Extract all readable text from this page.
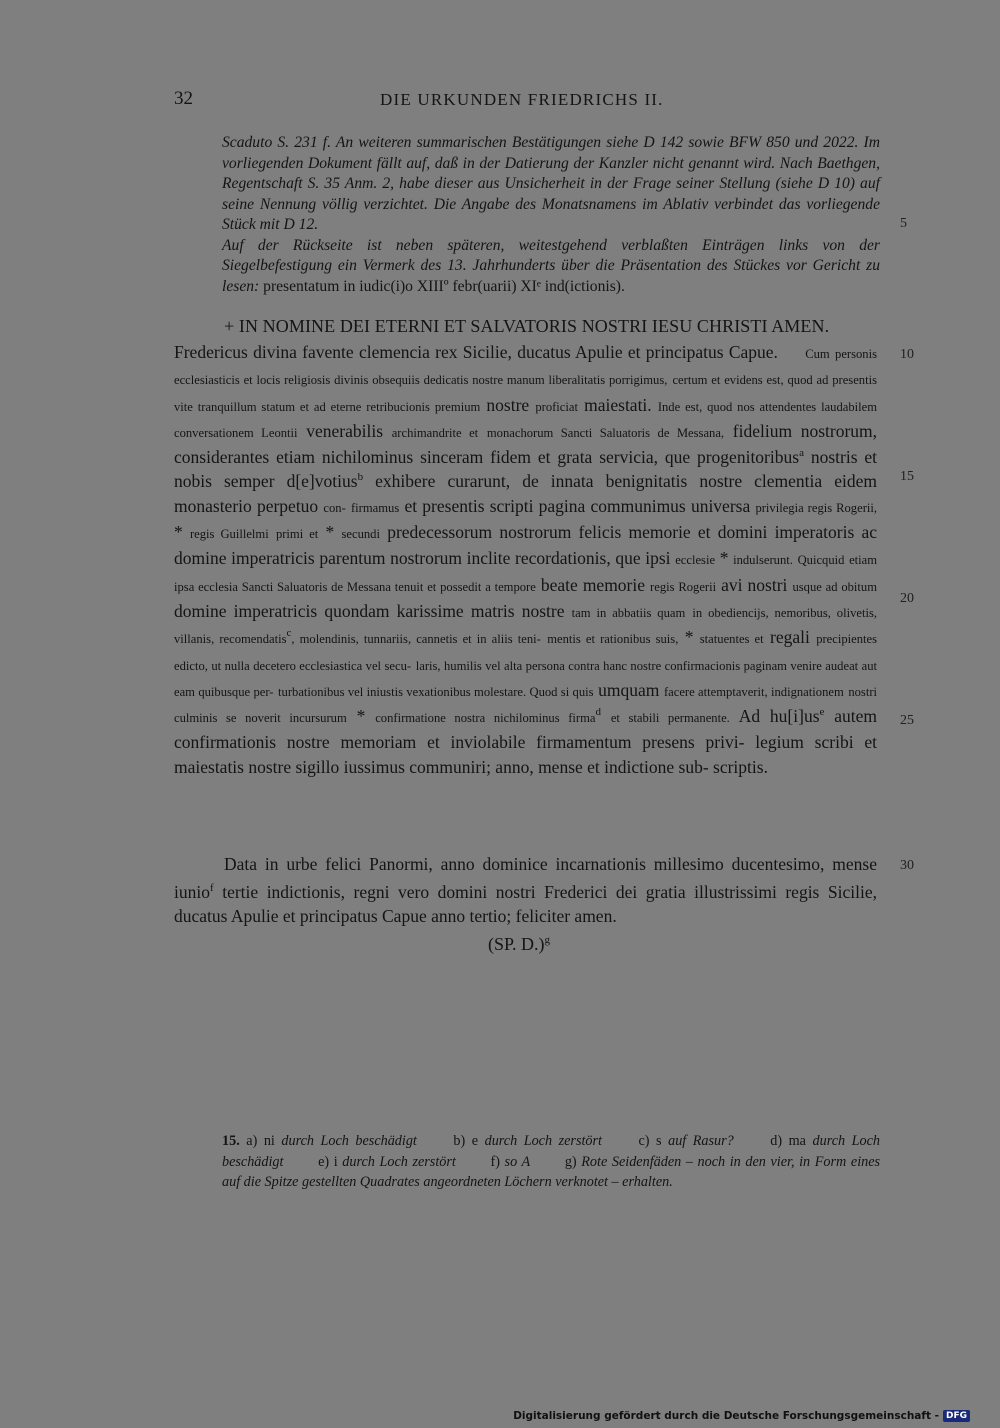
32	DIE URKUNDEN FRIEDRICHS II.

Scaduto S. 231 f. An weiteren summarischen Bestätigungen siehe D 142 sowie BFW 850 und 2022. Im vorliegenden Dokument fällt auf, daß in der Datierung der Kanzler nicht genannt wird. Nach Baethgen, Regentschaft S. 35 Anm. 2, habe dieser aus Unsicherheit in der Frage seiner Stellung (siehe D 10) auf seine Nennung völlig verzichtet. Die Angabe des Monatsnamens im Ablativ verbindet das vorliegende Stück mit D 12.

Auf der Rückseite ist neben späteren, weitestgehend verblaßten Einträgen links von der Siegelbefestigung ein Vermerk des 13. Jahrhunderts über die Präsentation des Stückes vor Gericht zu lesen: presentatum in iudic(i)o XIIIº febr(uarii) XIᵉ ind(ictionis).

5
10
15
20
25
30
+ IN NOMINE DEI ETERNI ET SALVATORIS NOSTRI IESU CHRISTI AMEN.
Fredericus divina favente clemencia rex Sicilie, ducatus Apulie et principatus Capue. Cum personis ecclesiasticis et locis religiosis divinis obsequiis dedicatis nostre manum liberalitatis porrigimus, certum et evidens est, quod ad presentis vite tranquillum statum et ad eterne retribucionis premium nostre proficiat maiestati. Inde est, quod nos attendentes laudabilem conversationem Leontii venerabilis archimandrite et monachorum Sancti Saluatoris de Messana, fidelium nostrorum, considerantes etiam nichilominus sinceram fidem et grata servicia, que progenitoribus$^a$ nostris et nobis semper d[e]votius$^b$ exhibere curarunt, de innata benignitatis nostre clementia eidem monasterio perpetuo con- firmamus et presentis scripti pagina communimus universa privilegia regis Rogerii, * regis Guillelmi primi et * secundi predecessorum nostrorum felicis memorie et domini imperatoris ac domine imperatricis parentum nostrorum inclite recordationis, que ipsi ecclesie * indulserunt. Quicquid etiam ipsa ecclesia Sancti Saluatoris de Messana tenuit et possedit a tempore beate memorie regis Rogerii avi nostri usque ad obitum domine imperatricis quondam karissime matris nostre tam in abbatiis quam in obediencijs, nemoribus, olivetis, villanis, recomendatis$^c$, molendinis, tunnariis, cannetis et in aliis teni- mentis et rationibus suis, * statuentes et regali precipientes edicto, ut nulla decetero ecclesiastica vel secu- laris, humilis vel alta persona contra hanc nostre confirmacionis paginam venire audeat aut eam quibusque per- turbationibus vel iniustis vexationibus molestare. Quod si quis umquam facere attemptaverit, indignationem nostri culminis se noverit incursurum * confirmatione nostra nichilominus firma$^d$ et stabili permanente. Ad $hu[i]us^e$ autem confirmationis nostre memoriam et inviolabile firmamentum presens privi- legium scribi et maiestatis nostre sigillo iussimus communiri; anno, mense et indictione sub- scriptis.
Data in urbe felici Panormi, anno dominice incarnationis millesimo ducentesimo, mense iunio$^f$ tertie indictionis, regni vero domini nostri Frederici dei gratia illustrissimi regis Sicilie, ducatus Apulie et principatus Capue anno tertio; feliciter amen.
(SP. D.)$^g$
15. a) ni durch Loch beschädigt	b) e durch Loch zerstört	c) s auf Rasur?	d) ma durch Loch beschädigt e) i durch Loch zerstört f) so A g) Rote Seidenfäden – noch in den vier, in Form eines auf die Spitze gestellten Quadrates angeordneten Löchern verknotet – erhalten.
Digitalisierung gefördert durch die Deutsche Forschungsgemeinschaft - DFG
